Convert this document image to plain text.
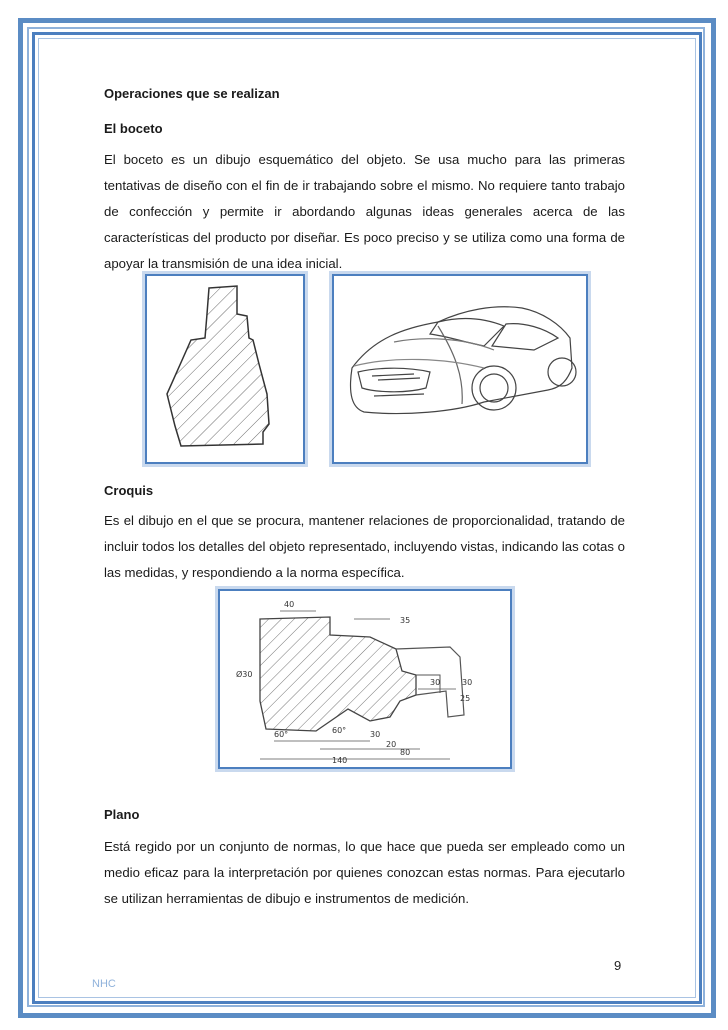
Operaciones que se realizan
El boceto

El boceto es un dibujo esquemático del objeto. Se usa mucho para las primeras tentativas de diseño con el fin de ir trabajando sobre el mismo. No requiere tanto trabajo de confección y permite ir abordando algunas ideas generales acerca de las características del producto por diseñar. Es poco preciso y se utiliza como una forma de apoyar la transmisión de una idea inicial.

Croquis

Es el dibujo en el que se procura, mantener relaciones de proporcionalidad, tratando de incluir todos los detalles del objeto representado, incluyendo vistas, indicando las cotas o las medidas, y respondiendo a la norma específica.

40
35
Ø30
30	30
25
60°	60°	30
20
80
140
Plano

Está regido por un conjunto de normas, lo que hace que pueda ser empleado como un medio eficaz para la interpretación por quienes conozcan estas normas. Para ejecutarlo se utilizan herramientas de dibujo e instrumentos de medición.

9
NHC
